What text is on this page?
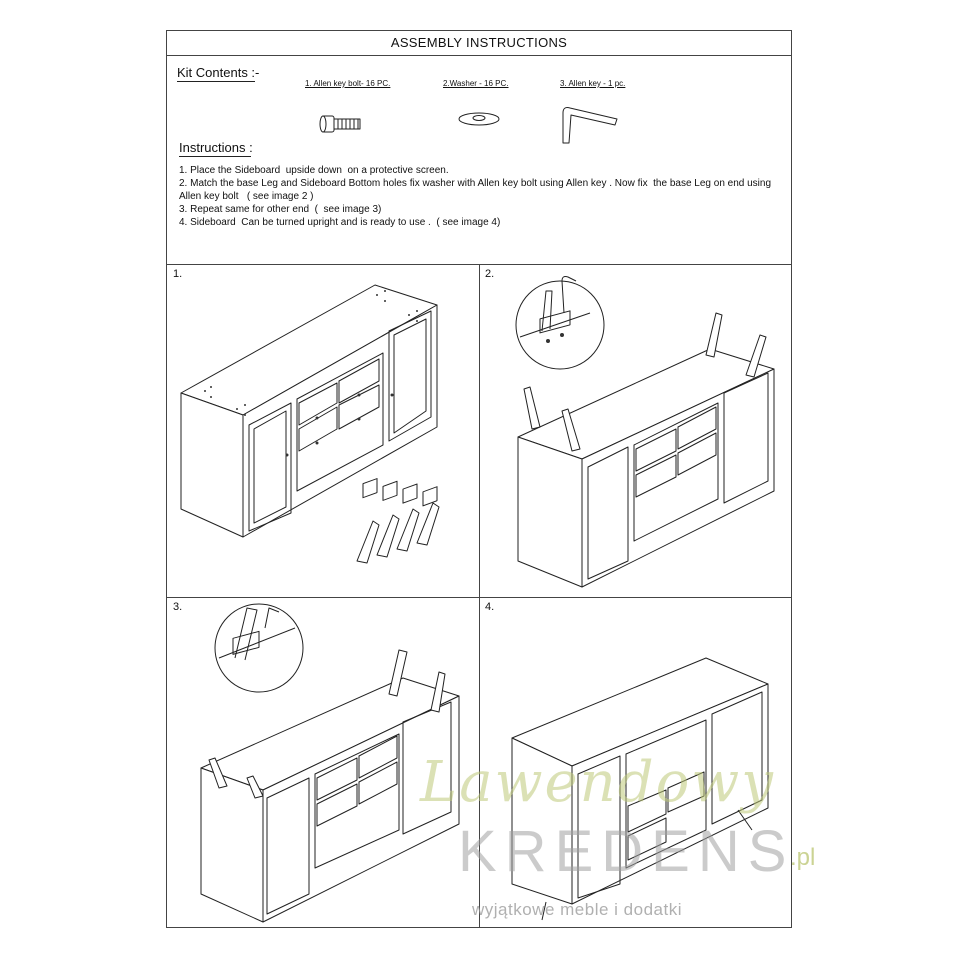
ASSEMBLY INSTRUCTIONS
Kit Contents :-
1. Allen key bolt- 16 PC.	2.Washer - 16 PC.	3. Allen key - 1 pc.
Instructions :
1. Place the Sideboard  upside down  on a protective screen.
2. Match the base Leg and Sideboard Bottom holes fix washer with Allen key bolt using Allen key . Now fix  the base Leg on end using Allen key bolt   ( see image 2 )
3. Repeat same for other end  (  see image 3)
4. Sideboard  Can be turned upright and is ready to use .  ( see image 4)
1.	2.
3.	4.
Lawendowy
KREDENS
.pl
wyjątkowe meble i dodatki
